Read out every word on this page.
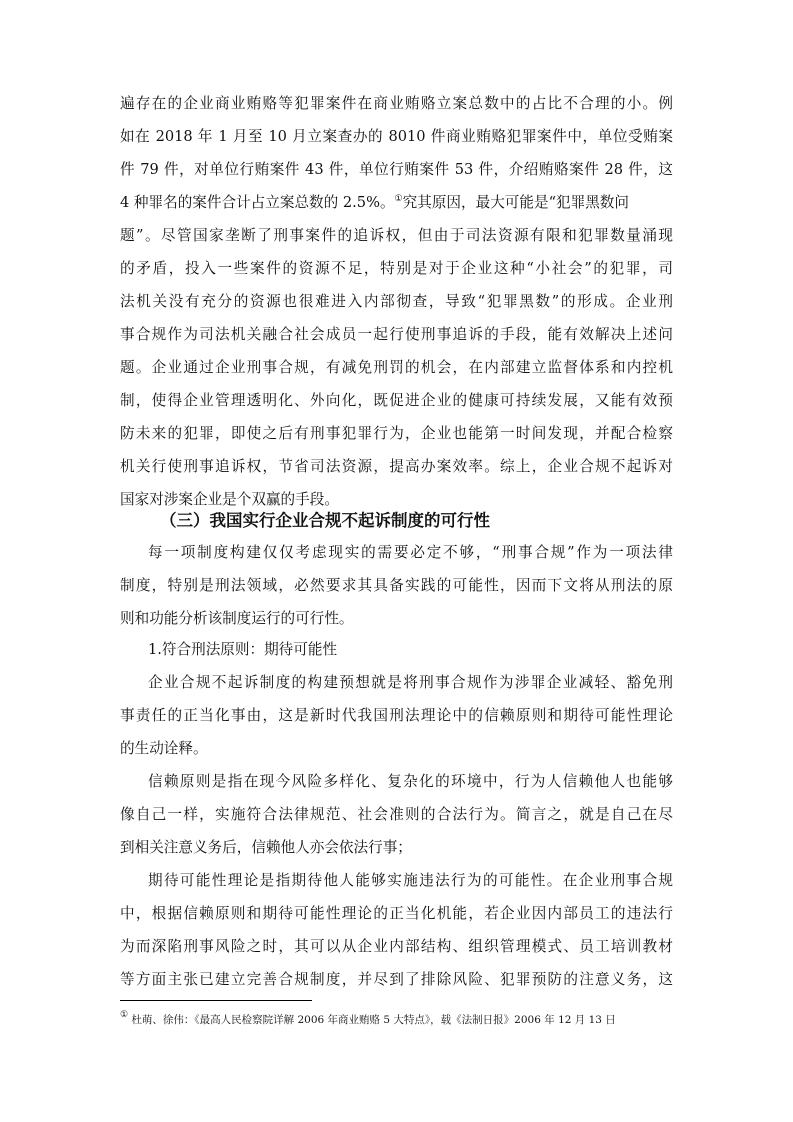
遍存在的企业商业贿赂等犯罪案件在商业贿赂立案总数中的占比不合理的小。例
如在 2018 年 1 月至 10 月立案查办的 8010 件商业贿赂犯罪案件中，单位受贿案
件 79 件，对单位行贿案件 43 件，单位行贿案件 53 件，介绍贿赂案件 28 件，这
4 种罪名的案件合计占立案总数的 2.5%。①究其原因，最大可能是“犯罪黑数问
题”。尽管国家垄断了刑事案件的追诉权，但由于司法资源有限和犯罪数量涌现
的矛盾，投入一些案件的资源不足，特别是对于企业这种“小社会”的犯罪，司
法机关没有充分的资源也很难进入内部彻查，导致“犯罪黑数”的形成。企业刑
事合规作为司法机关融合社会成员一起行使刑事追诉的手段，能有效解决上述问
题。企业通过企业刑事合规，有减免刑罚的机会，在内部建立监督体系和内控机
制，使得企业管理透明化、外向化，既促进企业的健康可持续发展，又能有效预
防未来的犯罪，即使之后有刑事犯罪行为，企业也能第一时间发现，并配合检察
机关行使刑事追诉权，节省司法资源，提高办案效率。综上，企业合规不起诉对
国家对涉案企业是个双赢的手段。
（三）我国实行企业合规不起诉制度的可行性
每一项制度构建仅仅考虑现实的需要必定不够，“刑事合规”作为一项法律
制度，特别是刑法领域，必然要求其具备实践的可能性，因而下文将从刑法的原
则和功能分析该制度运行的可行性。
1.符合刑法原则：期待可能性
企业合规不起诉制度的构建预想就是将刑事合规作为涉罪企业减轻、豁免刑
事责任的正当化事由，这是新时代我国刑法理论中的信赖原则和期待可能性理论
的生动诠释。
信赖原则是指在现今风险多样化、复杂化的环境中，行为人信赖他人也能够
像自己一样，实施符合法律规范、社会准则的合法行为。简言之，就是自己在尽
到相关注意义务后，信赖他人亦会依法行事；
期待可能性理论是指期待他人能够实施违法行为的可能性。在企业刑事合规
中，根据信赖原则和期待可能性理论的正当化机能，若企业因内部员工的违法行
为而深陷刑事风险之时，其可以从企业内部结构、组织管理模式、员工培训教材
等方面主张已建立完善合规制度，并尽到了排除风险、犯罪预防的注意义务，这
① 杜萌、徐伟：《最高人民检察院详解 2006 年商业贿赂 5 大特点》，载《法制日报》2006 年 12 月 13 日
